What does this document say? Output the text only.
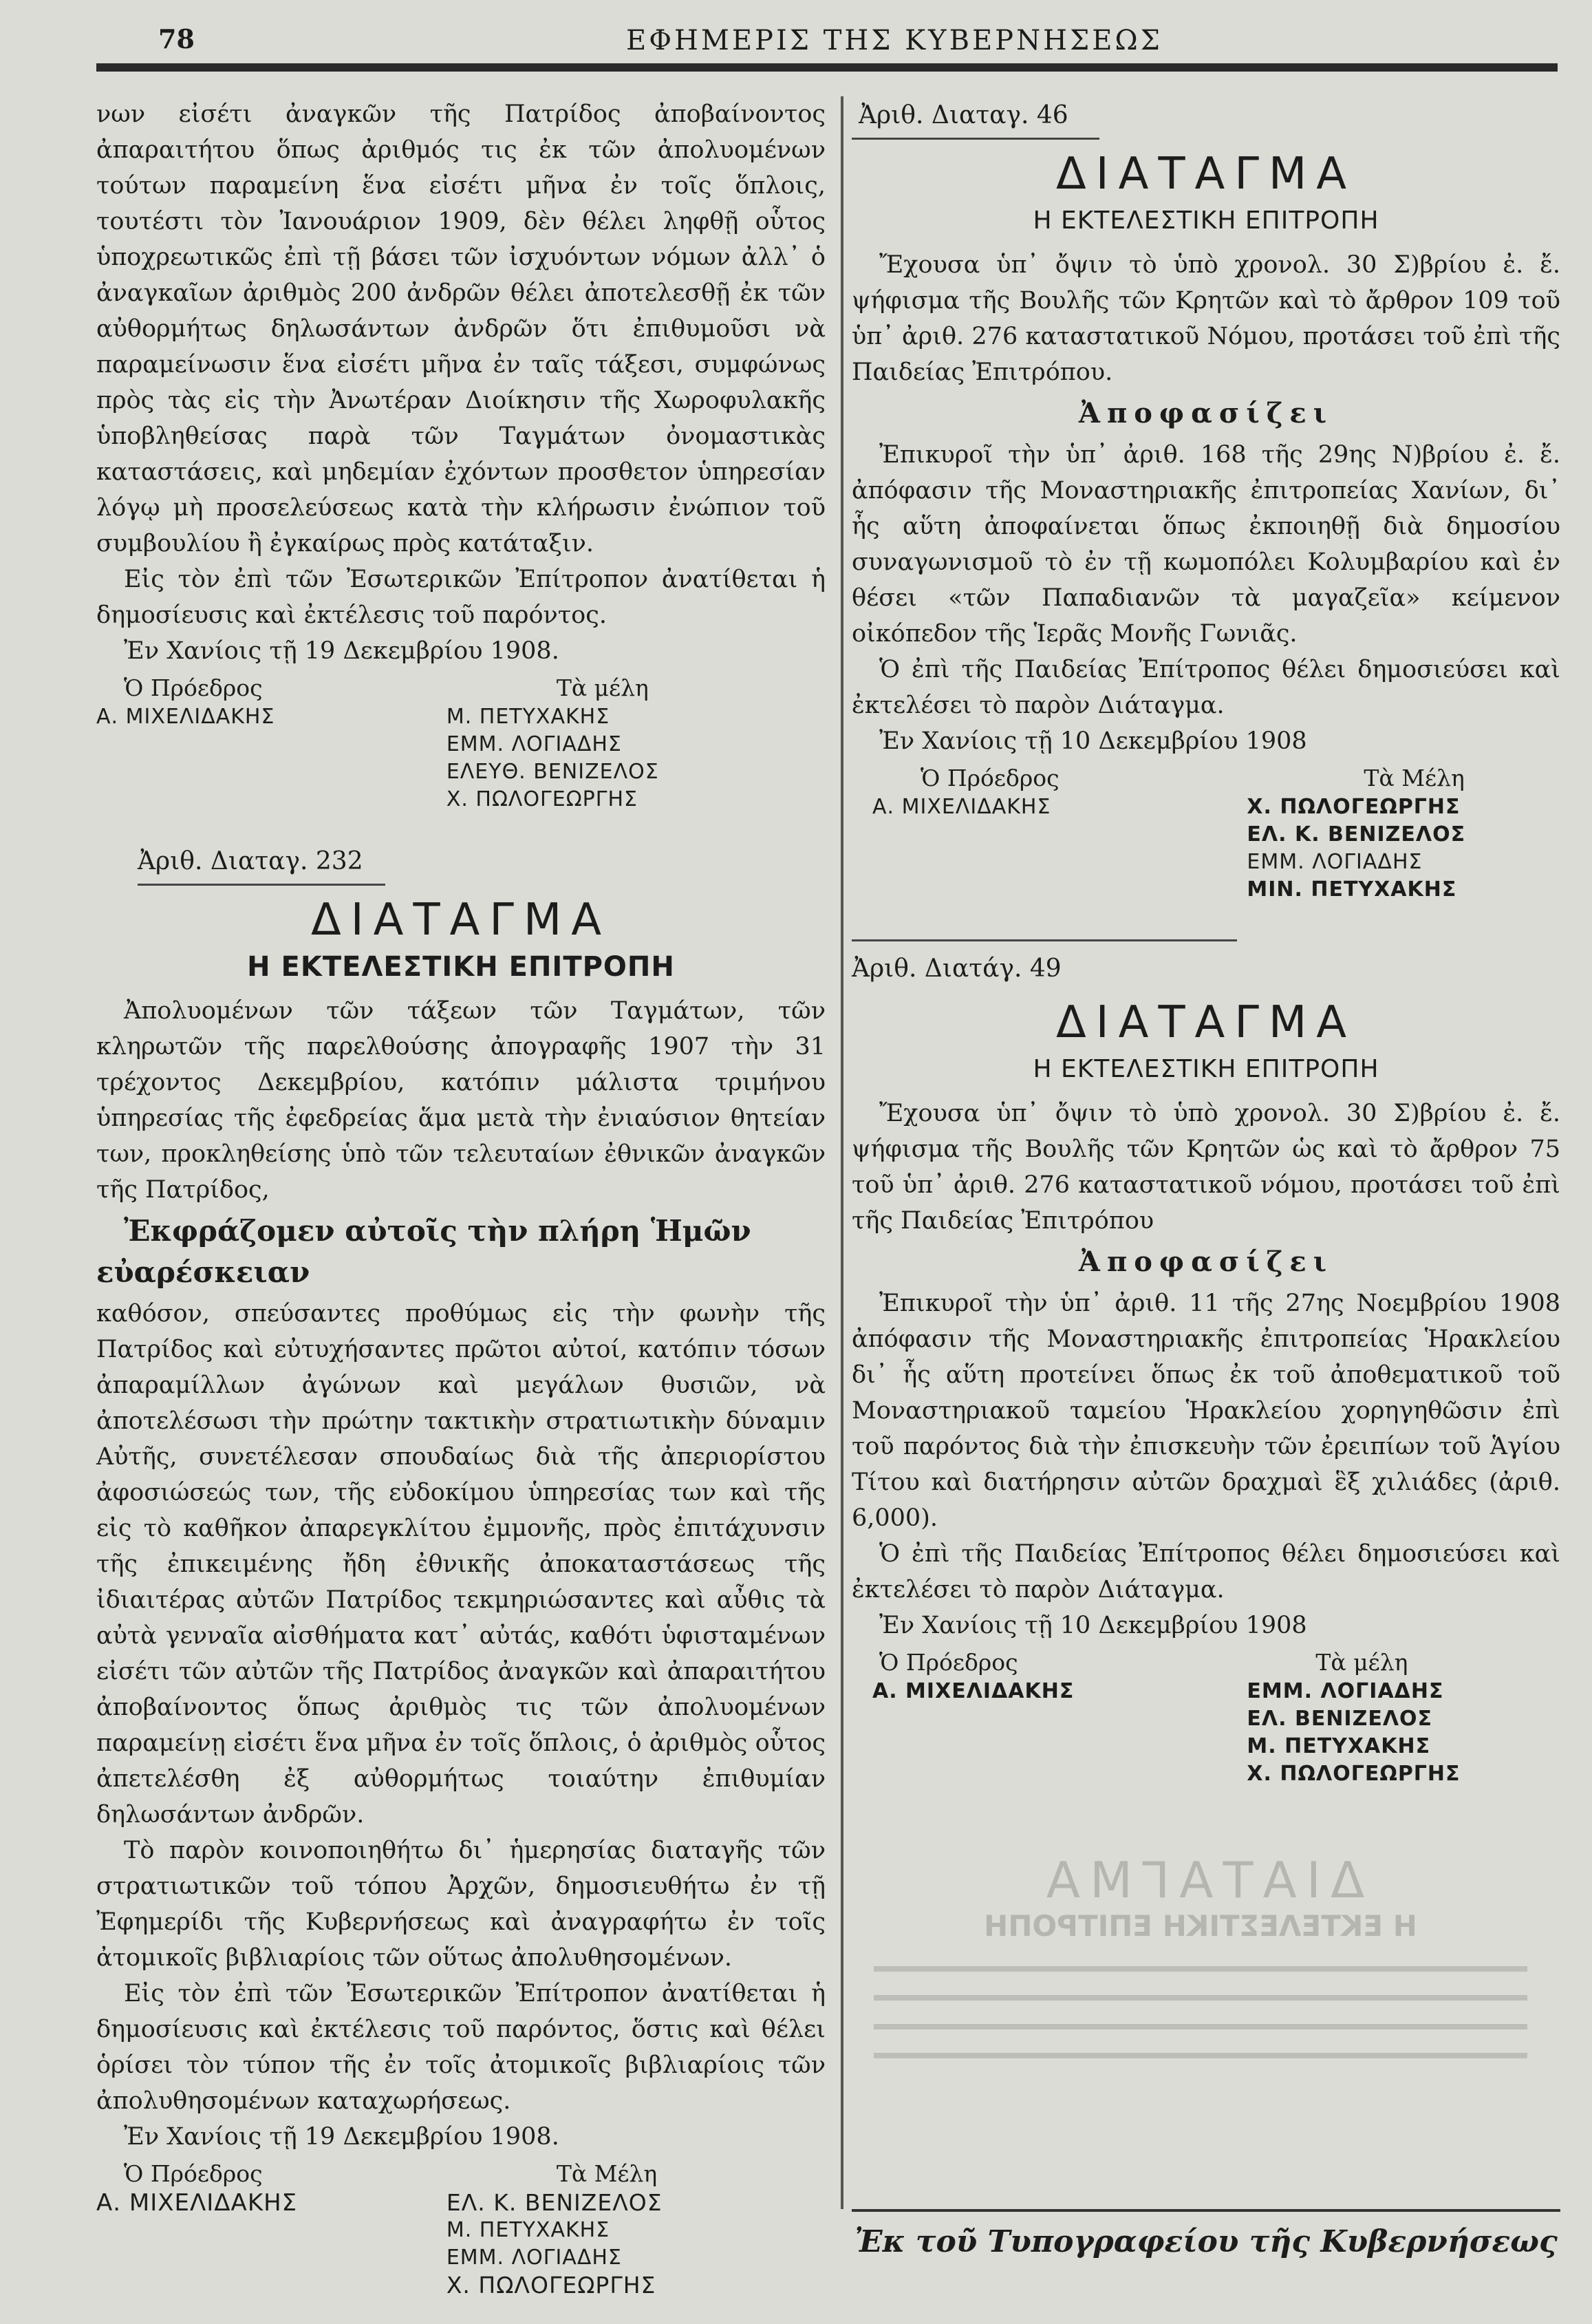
78	ΕΦΗΜΕΡΙΣ ΤΗΣ ΚΥΒΕΡΝΗΣΕΩΣ

νων εἰσέτι ἀναγκῶν τῆς Πατρίδος ἀποβαίνοντος ἀπαραιτήτου ὅπως ἀριθμός τις ἐκ τῶν ἀπολυομένων τούτων παραμείνη ἕνα εἰσέτι μῆνα ἐν τοῖς ὅπλοις, τουτέστι τὸν Ἰανουάριον 1909, δὲν θέλει ληφθῇ οὗτος ὑποχρεωτικῶς ἐπὶ τῇ βάσει τῶν ἰσχυόντων νόμων ἀλλ᾽ ὁ ἀναγκαῖων ἀριθμὸς 200 ἀνδρῶν θέλει ἀποτελεσθῇ ἐκ τῶν αὐθορμήτως δηλωσάντων ἀνδρῶν ὅτι ἐπιθυμοῦσι νὰ παραμείνωσιν ἕνα εἰσέτι μῆνα ἐν ταῖς τάξεσι, συμφώνως πρὸς τὰς εἰς τὴν Ἀνωτέραν Διοίκησιν τῆς Χωροφυλακῆς ὑποβληθείσας παρὰ τῶν Ταγμάτων ὀνομαστικὰς καταστάσεις, καὶ μηδεμίαν ἐχόντων προσθετον ὑπηρεσίαν λόγῳ μὴ προσελεύσεως κατὰ τὴν κλήρωσιν ἐνώπιον τοῦ συμβουλίου ἢ ἐγκαίρως πρὸς κατάταξιν.

Εἰς τὸν ἐπὶ τῶν Ἐσωτερικῶν Ἐπίτροπον ἀνατίθεται ἡ δημοσίευσις καὶ ἐκτέλεσις τοῦ παρόντος.

Ἐν Χανίοις τῇ 19 Δεκεμβρίου 1908.

Ὁ Πρόεδρος

Α. ΜΙΧΕΛΙΔΑΚΗΣ

Τὰ μέλη

Μ. ΠΕΤΥΧΑΚΗΣ

ΕΜΜ. ΛΟΓΙΑΔΗΣ

ΕΛΕΥΘ. ΒΕΝΙΖΕΛΟΣ

Χ. ΠΩΛΟΓΕΩΡΓΗΣ

Ἀριθ. Διαταγ. 232

ΔΙΑΤΑΓΜΑ

Η ΕΚΤΕΛΕΣΤΙΚΗ ΕΠΙΤΡΟΠΗ

Ἀπολυομένων τῶν τάξεων τῶν Ταγμάτων, τῶν κληρωτῶν τῆς παρελθούσης ἀπογραφῆς 1907 τὴν 31 τρέχοντος Δεκεμβρίου, κατόπιν μάλιστα τριμήνου ὑπηρεσίας τῆς ἐφεδρείας ἅμα μετὰ τὴν ἐνιαύσιον θητείαν των, προκληθείσης ὑπὸ τῶν τελευταίων ἐθνικῶν ἀναγκῶν τῆς Πατρίδος,

Ἐκφράζομεν αὐτοῖς τὴν πλήρη Ἡμῶν εὐαρέσκειαν

καθόσον, σπεύσαντες προθύμως εἰς τὴν φωνὴν τῆς Πατρίδος καὶ εὐτυχήσαντες πρῶτοι αὐτοί, κατόπιν τόσων ἀπαραμίλλων ἀγώνων καὶ μεγάλων θυσιῶν, νὰ ἀποτελέσωσι τὴν πρώτην τακτικὴν στρατιωτικὴν δύναμιν Αὐτῆς, συνετέλεσαν σπουδαίως διὰ τῆς ἀπεριορίστου ἀφοσιώσεώς των, τῆς εὐδοκίμου ὑπηρεσίας των καὶ τῆς εἰς τὸ καθῆκον ἀπαρεγκλίτου ἐμμονῆς, πρὸς ἐπιτάχυνσιν τῆς ἐπικειμένης ἤδη ἐθνικῆς ἀποκαταστάσεως τῆς ἰδιαιτέρας αὐτῶν Πατρίδος τεκμηριώσαντες καὶ αὖθις τὰ αὐτὰ γενναῖα αἰσθήματα κατ᾽ αὐτάς, καθότι ὑφισταμένων εἰσέτι τῶν αὐτῶν τῆς Πατρίδος ἀναγκῶν καὶ ἀπαραιτήτου ἀποβαίνοντος ὅπως ἀριθμὸς τις τῶν ἀπολυομένων παραμείνῃ εἰσέτι ἕνα μῆνα ἐν τοῖς ὅπλοις, ὁ ἀριθμὸς οὗτος ἀπετελέσθη ἐξ αὐθορμήτως τοιαύτην ἐπιθυμίαν δηλωσάντων ἀνδρῶν.

Τὸ παρὸν κοινοποιηθήτω δι᾽ ἡμερησίας διαταγῆς τῶν στρατιωτικῶν τοῦ τόπου Ἀρχῶν, δημοσιευθήτω ἐν τῇ Ἐφημερίδι τῆς Κυβερνήσεως καὶ ἀναγραφήτω ἐν τοῖς ἀτομικοῖς βιβλιαρίοις τῶν οὕτως ἀπολυθησομένων.

Εἰς τὸν ἐπὶ τῶν Ἐσωτερικῶν Ἐπίτροπον ἀνατίθεται ἡ δημοσίευσις καὶ ἐκτέλεσις τοῦ παρόντος, ὅστις καὶ θέλει ὁρίσει τὸν τύπον τῆς ἐν τοῖς ἀτομικοῖς βιβλιαρίοις τῶν ἀπολυθησομένων καταχωρήσεως.

Ἐν Χανίοις τῇ 19 Δεκεμβρίου 1908.

Ὁ Πρόεδρος

Α. ΜΙΧΕΛΙΔΑΚΗΣ

Τὰ Μέλη

ΕΛ. Κ. ΒΕΝΙΖΕΛΟΣ

Μ. ΠΕΤΥΧΑΚΗΣ

ΕΜΜ. ΛΟΓΙΑΔΗΣ

Χ. ΠΩΛΟΓΕΩΡΓΗΣ

Ἀριθ. Διαταγ. 46

ΔΙΑΤΑΓΜΑ

Η ΕΚΤΕΛΕΣΤΙΚΗ ΕΠΙΤΡΟΠΗ

Ἔχουσα ὑπ᾽ ὄψιν τὸ ὑπὸ χρονολ. 30 Σ)βρίου ἐ. ἔ. ψήφισμα τῆς Βουλῆς τῶν Κρητῶν καὶ τὸ ἄρθρον 109 τοῦ ὑπ᾽ ἀριθ. 276 καταστατικοῦ Νόμου, προτάσει τοῦ ἐπὶ τῆς Παιδείας Ἐπιτρόπου.

Ἀποφασίζει

Ἐπικυροῖ τὴν ὑπ᾽ ἀριθ. 168 τῆς 29ης Ν)βρίου ἐ. ἔ. ἀπόφασιν τῆς Μοναστηριακῆς ἐπιτροπείας Χανίων, δι᾽ ἧς αὕτη ἀποφαίνεται ὅπως ἐκποιηθῇ διὰ δημοσίου συναγωνισμοῦ τὸ ἐν τῇ κωμοπόλει Κολυμβαρίου καὶ ἐν θέσει «τῶν Παπαδιανῶν τὰ μαγαζεῖα» κείμενον οἰκόπεδον τῆς Ἱερᾶς Μονῆς Γωνιᾶς.

Ὁ ἐπὶ τῆς Παιδείας Ἐπίτροπος θέλει δημοσιεύσει καὶ ἐκτελέσει τὸ παρὸν Διάταγμα.

Ἐν Χανίοις τῇ 10 Δεκεμβρίου 1908

Ὁ Πρόεδρος

Α. ΜΙΧΕΛΙΔΑΚΗΣ

Τὰ Μέλη

Χ. ΠΩΛΟΓΕΩΡΓΗΣ

ΕΛ. Κ. ΒΕΝΙΖΕΛΟΣ

ΕΜΜ. ΛΟΓΙΑΔΗΣ

ΜΙΝ. ΠΕΤΥΧΑΚΗΣ

Ἀριθ. Διατάγ. 49

ΔΙΑΤΑΓΜΑ

Η ΕΚΤΕΛΕΣΤΙΚΗ ΕΠΙΤΡΟΠΗ

Ἔχουσα ὑπ᾽ ὄψιν τὸ ὑπὸ χρονολ. 30 Σ)βρίου ἐ. ἔ. ψήφισμα τῆς Βουλῆς τῶν Κρητῶν ὡς καὶ τὸ ἄρθρον 75 τοῦ ὑπ᾽ ἀριθ. 276 καταστατικοῦ νόμου, προτάσει τοῦ ἐπὶ τῆς Παιδείας Ἐπιτρόπου

Ἀποφασίζει

Ἐπικυροῖ τὴν ὑπ᾽ ἀριθ. 11 τῆς 27ης Νοεμβρίου 1908 ἀπόφασιν τῆς Μοναστηριακῆς ἐπιτροπείας Ἡρακλείου δι᾽ ἧς αὕτη προτείνει ὅπως ἐκ τοῦ ἀποθεματικοῦ τοῦ Μοναστηριακοῦ ταμείου Ἡρακλείου χορηγηθῶσιν ἐπὶ τοῦ παρόντος διὰ τὴν ἐπισκευὴν τῶν ἐρειπίων τοῦ Ἁγίου Τίτου καὶ διατήρησιν αὐτῶν δραχμαὶ ἓξ χιλιάδες (ἀριθ. 6,000).

Ὁ ἐπὶ τῆς Παιδείας Ἐπίτροπος θέλει δημοσιεύσει καὶ ἐκτελέσει τὸ παρὸν Διάταγμα.

Ἐν Χανίοις τῇ 10 Δεκεμβρίου 1908

Ὁ Πρόεδρος

Α. ΜΙΧΕΛΙΔΑΚΗΣ

Τὰ μέλη

ΕΜΜ. ΛΟΓΙΑΔΗΣ

ΕΛ. ΒΕΝΙΖΕΛΟΣ

Μ. ΠΕΤΥΧΑΚΗΣ

Χ. ΠΩΛΟΓΕΩΡΓΗΣ

ΔΙΑΤΑΓΜΑ
Η ΕΚΤΕΛΕΣΤΙΚΗ ΕΠΙΤΡΟΠΗ
Ἐκ τοῦ Τυπογραφείου τῆς Κυβερνήσεως
